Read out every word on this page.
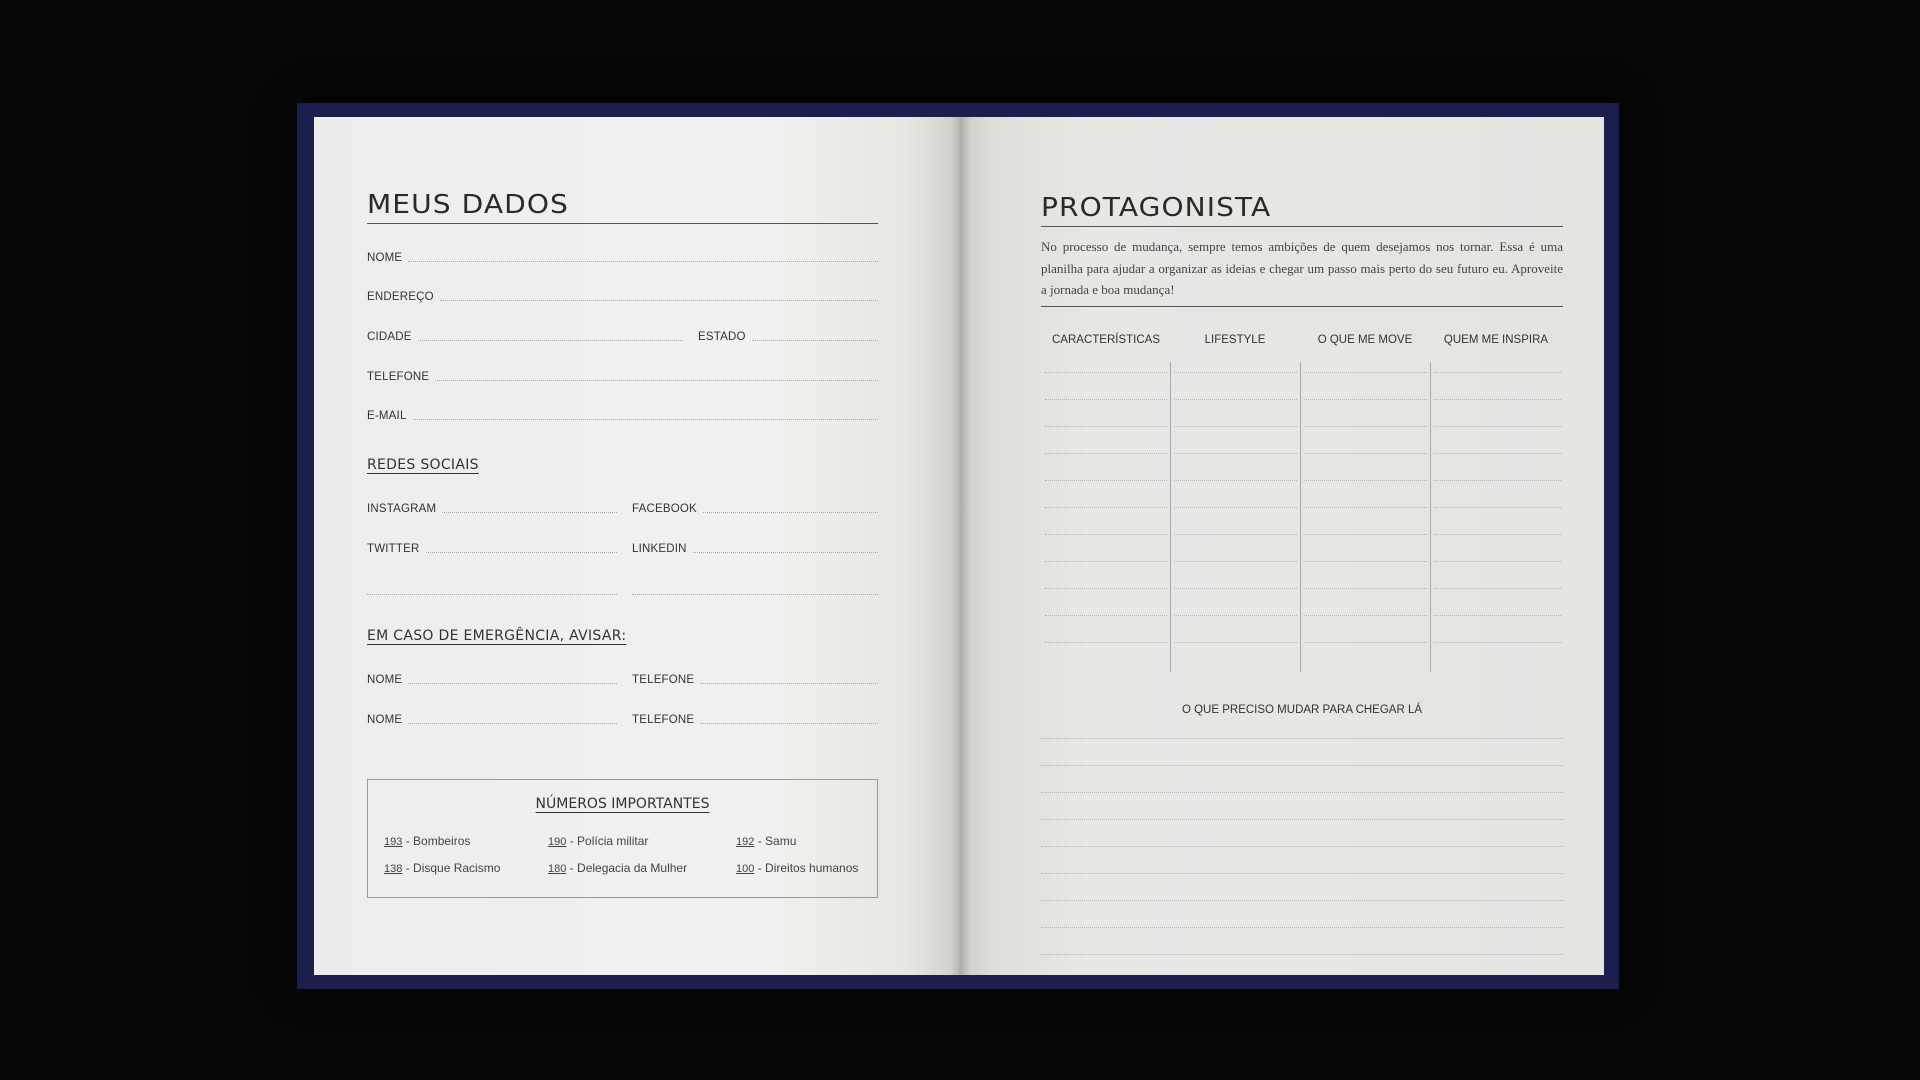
MEUS DADOS
NOME
ENDEREÇO
CIDADE	ESTADO
TELEFONE
E-MAIL
REDES SOCIAIS
INSTAGRAM	FACEBOOK
TWITTER	LINKEDIN
EM CASO DE EMERGÊNCIA, AVISAR:
NOME	TELEFONE
NOME	TELEFONE
NÚMEROS IMPORTANTES
193 - Bombeiros	190 - Polícia militar	192 - Samu
138 - Disque Racismo	180 - Delegacia da Mulher	100 - Direitos humanos
PROTAGONISTA

No processo de mudança, sempre temos ambições de quem desejamos nos tornar. Essa é uma planilha para ajudar a organizar as ideias e chegar um passo mais perto do seu futuro eu. Aproveite a jornada e boa mudança!

CARACTERÍSTICAS	LIFESTYLE	O QUE ME MOVE	QUEM ME INSPIRA
O QUE PRECISO MUDAR PARA CHEGAR LÁ
